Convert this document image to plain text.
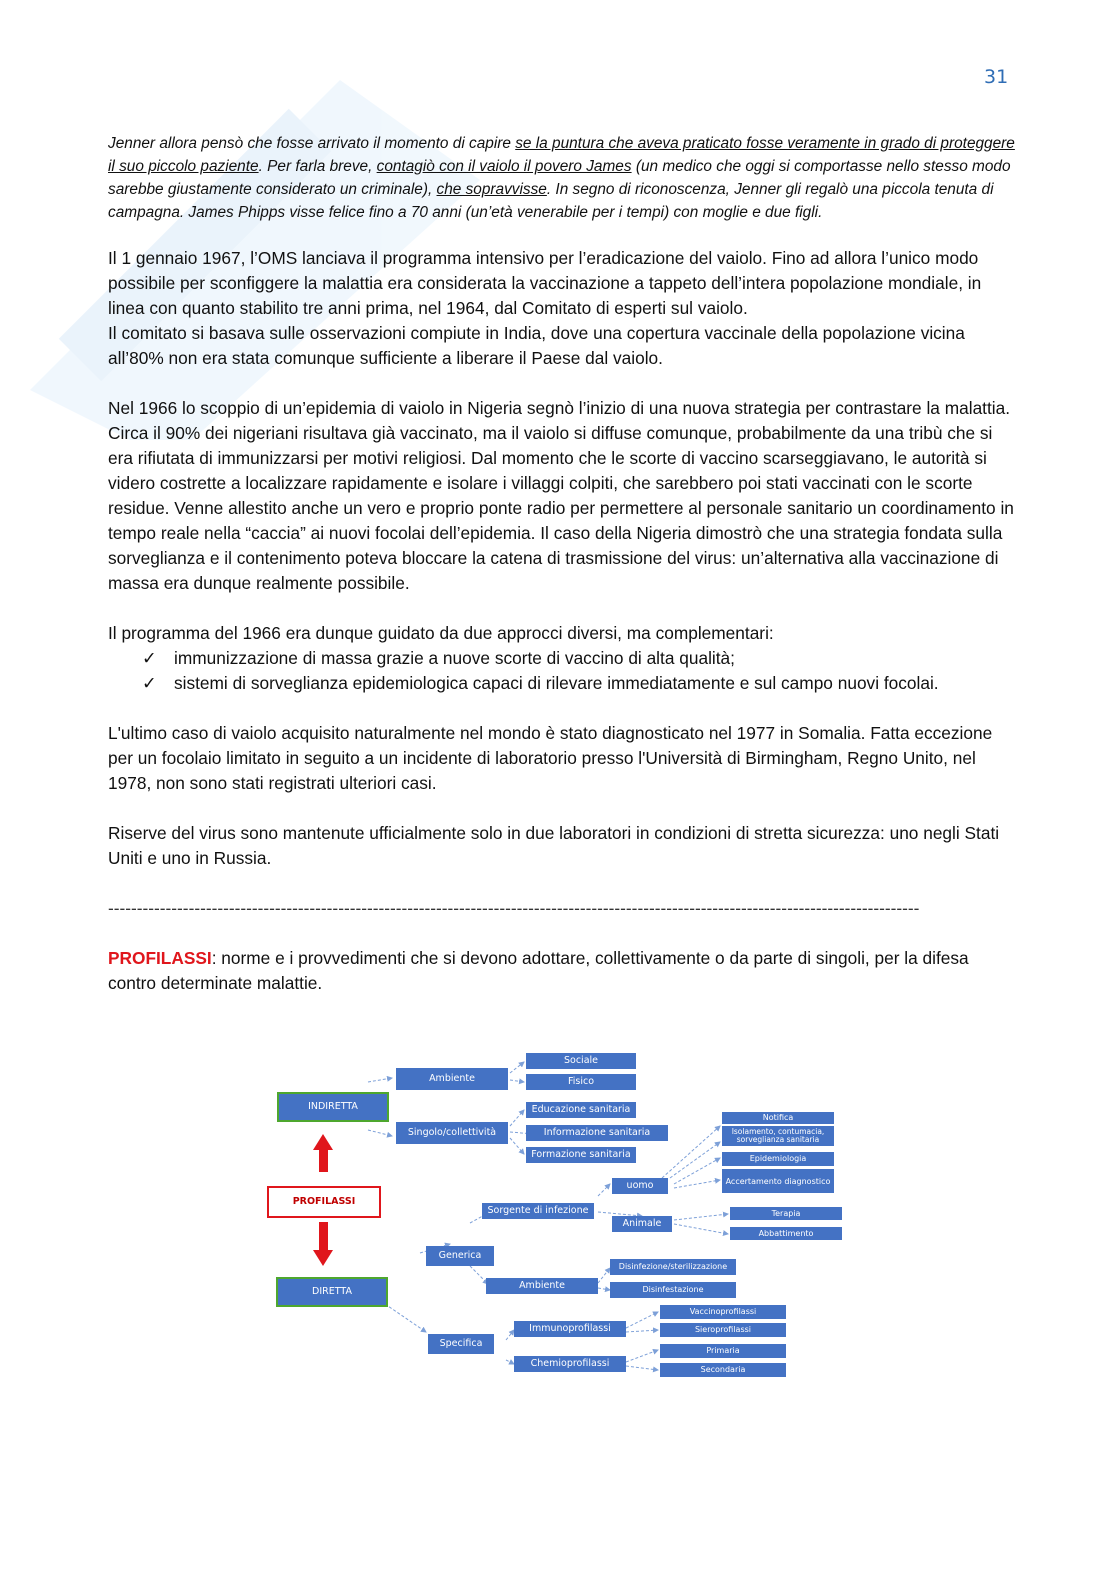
31

Jenner allora pensò che fosse arrivato il momento di capire se la puntura che aveva praticato fosse veramente in grado di proteggere il suo piccolo paziente. Per farla breve, contagiò con il vaiolo il povero James (un medico che oggi si comportasse nello stesso modo sarebbe giustamente considerato un criminale), che sopravvisse. In segno di riconoscenza, Jenner gli regalò una piccola tenuta di campagna. James Phipps visse felice fino a 70 anni (un’età venerabile per i tempi) con moglie e due figli.

Il 1 gennaio 1967, l’OMS lanciava il programma intensivo per l’eradicazione del vaiolo. Fino ad allora l’unico modo possibile per sconfiggere la malattia era considerata la vaccinazione a tappeto dell’intera popolazione mondiale, in linea con quanto stabilito tre anni prima, nel 1964, dal Comitato di esperti sul vaiolo.

Il comitato si basava sulle osservazioni compiute in India, dove una copertura vaccinale della popolazione vicina all’80% non era stata comunque sufficiente a liberare il Paese dal vaiolo.

Nel 1966 lo scoppio di un’epidemia di vaiolo in Nigeria segnò l’inizio di una nuova strategia per contrastare la malattia. Circa il 90% dei nigeriani risultava già vaccinato, ma il vaiolo si diffuse comunque, probabilmente da una tribù che si era rifiutata di immunizzarsi per motivi religiosi. Dal momento che le scorte di vaccino scarseggiavano, le autorità si videro costrette a localizzare rapidamente e isolare i villaggi colpiti, che sarebbero poi stati vaccinati con le scorte residue. Venne allestito anche un vero e proprio ponte radio per permettere al personale sanitario un coordinamento in tempo reale nella “caccia” ai nuovi focolai dell’epidemia. Il caso della Nigeria dimostrò che una strategia fondata sulla sorveglianza e il contenimento poteva bloccare la catena di trasmissione del virus: un’alternativa alla vaccinazione di massa era dunque realmente possibile.

Il programma del 1966 era dunque guidato da due approcci diversi, ma complementari:

✓ immunizzazione di massa grazie a nuove scorte di vaccino di alta qualità;
✓ sistemi di sorveglianza epidemiologica capaci di rilevare immediatamente e sul campo nuovi focolai.

L'ultimo caso di vaiolo acquisito naturalmente nel mondo è stato diagnosticato nel 1977 in Somalia. Fatta eccezione per un focolaio limitato in seguito a un incidente di laboratorio presso l'Università di Birmingham, Regno Unito, nel 1978, non sono stati registrati ulteriori casi.

Riserve del virus sono mantenute ufficialmente solo in due laboratori in condizioni di stretta sicurezza: uno negli Stati Uniti e uno in Russia.

---------------------------------------------------------------------------------------------------------------------------------------------

PROFILASSI: norme e i provvedimenti che si devono adottare, collettivamente o da parte di singoli, per la difesa contro determinate malattie.

INDIRETTA
PROFILASSI
DIRETTA
Ambiente
Sociale
Fisico
Singolo/collettività
Educazione sanitaria
Informazione sanitaria
Formazione sanitaria
Sorgente di infezione
uomo
Animale
Notifica
Isolamento, contumacia, sorveglianza sanitaria
Epidemiologia
Accertamento diagnostico
Terapia
Abbattimento
Generica
Ambiente
Disinfezione/sterilizzazione
Disinfestazione
Specifica
Immunoprofilassi
Chemioprofilassi
Vaccinoprofilassi
Sieroprofilassi
Primaria
Secondaria
